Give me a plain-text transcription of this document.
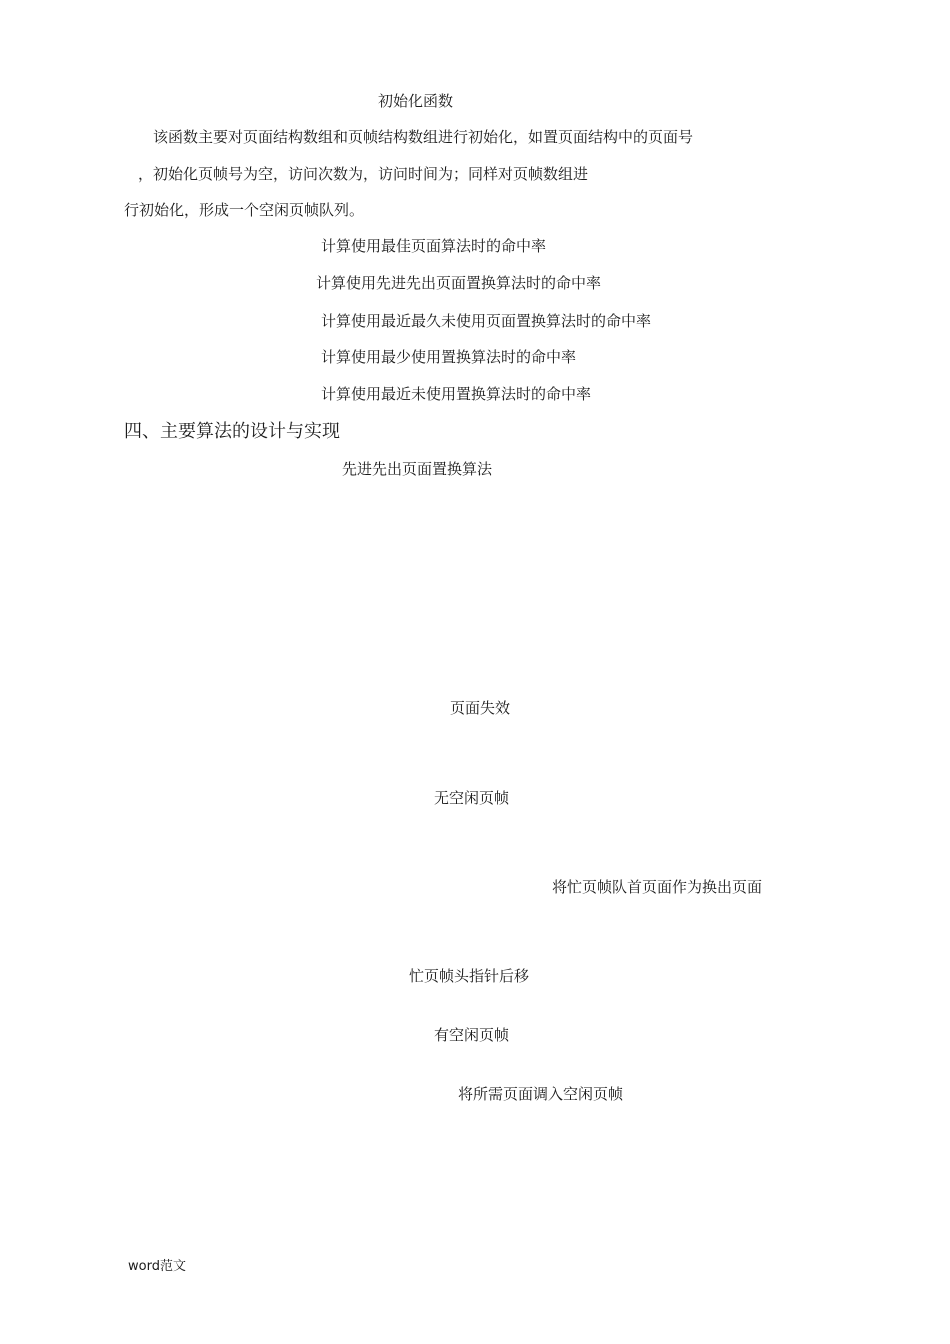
初始化函数
该函数主要对页面结构数组和页帧结构数组进行初始化，如置页面结构中的页面号
，初始化页帧号为空，访问次数为，访问时间为；同样对页帧数组进
行初始化，形成一个空闲页帧队列。
计算使用最佳页面算法时的命中率
计算使用先进先出页面置换算法时的命中率
计算使用最近最久未使用页面置换算法时的命中率
计算使用最少使用置换算法时的命中率
计算使用最近未使用置换算法时的命中率
四、主要算法的设计与实现
先进先出页面置换算法
页面失效
无空闲页帧
将忙页帧队首页面作为换出页面
忙页帧头指针后移
有空闲页帧
将所需页面调入空闲页帧
word范文
